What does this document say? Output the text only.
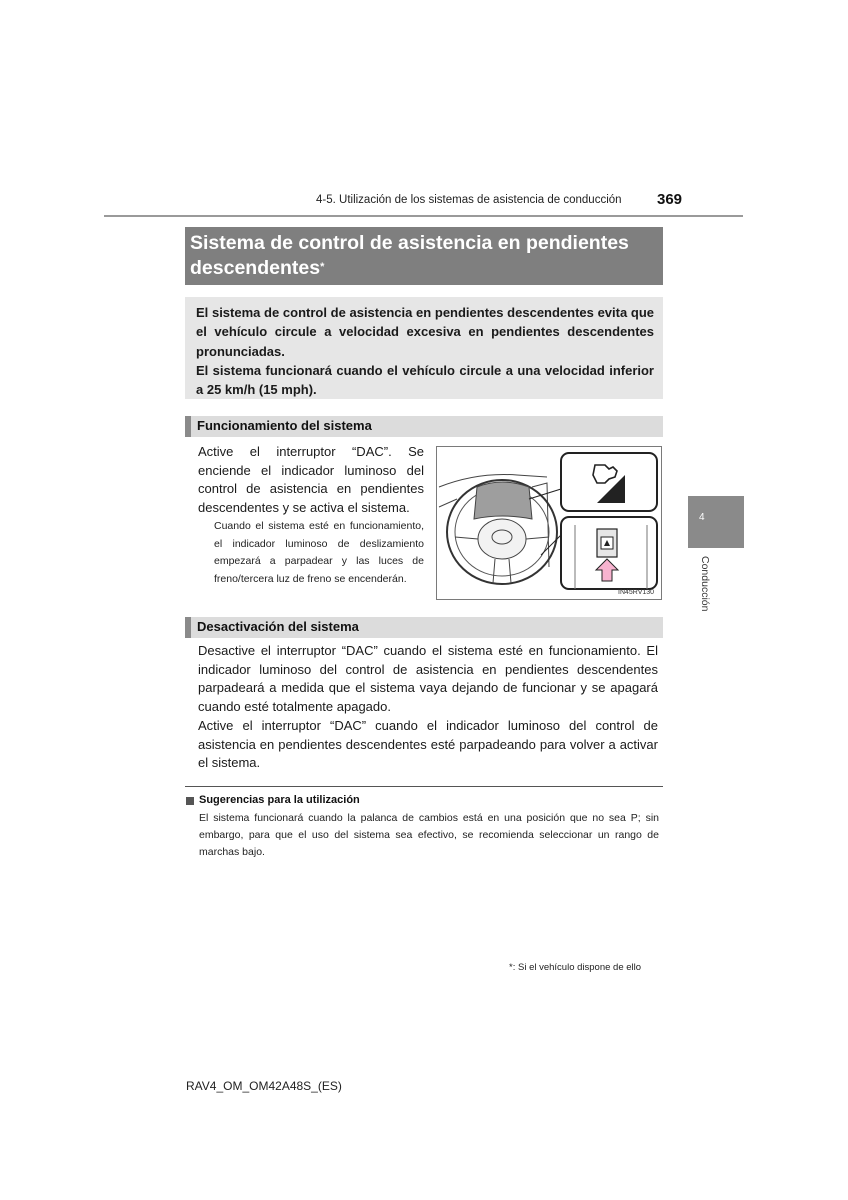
4-5. Utilización de los sistemas de asistencia de conducción 369
4
Conducción
Sistema de control de asistencia en pendientes descendentes*
El sistema de control de asistencia en pendientes descendentes evita que el vehículo circule a velocidad excesiva en pendientes descendentes pronunciadas.
El sistema funcionará cuando el vehículo circule a una velocidad inferior a 25 km/h (15 mph).
Funcionamiento del sistema
Active el interruptor “DAC”. Se enciende el indicador luminoso del control de asistencia en pendientes descendentes y se activa el sistema.
Cuando el sistema esté en funcionamiento, el indicador luminoso de deslizamiento empezará a parpadear y las luces de freno/tercera luz de freno se encenderán.
IN45RV130
Desactivación del sistema
Desactive el interruptor “DAC” cuando el sistema esté en funcionamiento. El indicador luminoso del control de asistencia en pendientes descendentes parpadeará a medida que el sistema vaya dejando de funcionar y se apagará cuando esté totalmente apagado.
Active el interruptor “DAC” cuando el indicador luminoso del control de asistencia en pendientes descendentes esté parpadeando para volver a activar el sistema.
Sugerencias para la utilización
El sistema funcionará cuando la palanca de cambios está en una posición que no sea P; sin embargo, para que el uso del sistema sea efectivo, se recomienda seleccionar un rango de marchas bajo.
*: Si el vehículo dispone de ello
RAV4_OM_OM42A48S_(ES)
